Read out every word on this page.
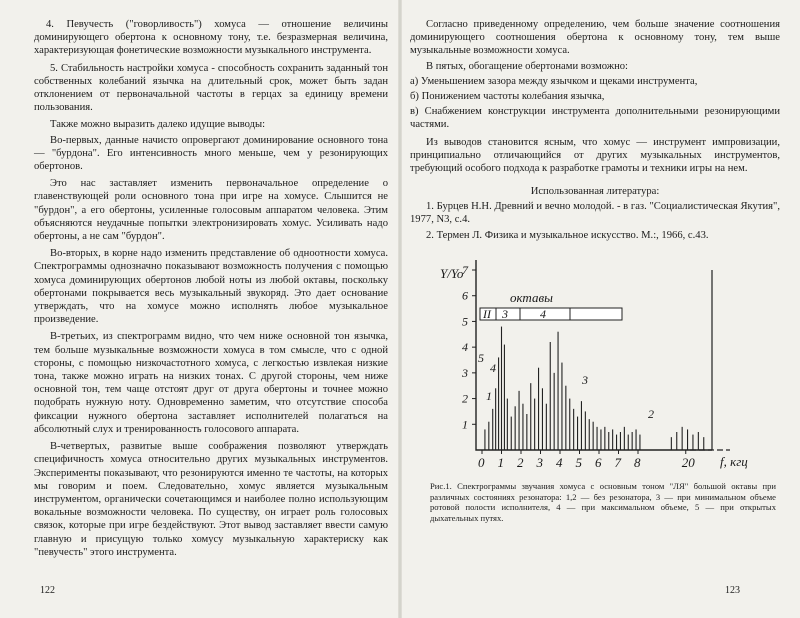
4. Певучесть ("говорливость") хомуса — отношение величины доминирующего обертона к основному тону, т.е. безразмерная величина, характеризующая фонетические возможности музыкального инструмента.

5. Стабильность настройки хомуса - способность сохранить заданный тон собственных колебаний язычка на длительный срок, может быть задан отклонением от первоначальной частоты в герцах за единицу времени пользования.

Также можно выразить далеко идущие выводы:

Во-первых, данные начисто опровергают доминирование основного тона — "бурдона". Его интенсивность много меньше, чем у резонирующих обертонов.

Это нас заставляет изменить первоначальное определение о главенствующей роли основного тона при игре на хомусе. Слышится не "бурдон", а его обертоны, усиленные голосовым аппаратом человека. Этим объясняются неудачные попытки электронизировать хомус. Усиливать надо обертоны, а не сам "бурдон".

Во-вторых, в корне надо изменить представление об одноотности хомуса. Спектрограммы однозначно показывают возможность получения с помощью хомуса доминирующих обертонов любой ноты из любой октавы, поскольку обертонами покрывается весь музыкальный звукоряд. Это дает основание утверждать, что на хомусе можно исполнять любое музыкальное произведение.

В-третьих, из спектрограмм видно, что чем ниже основной тон язычка, тем больше музыкальные возможности хомуса в том смысле, что с одной стороны, с помощью низкочастотного хомуса, с легкостью извлекая низкие тона, также можно играть на низких тонах. С другой стороны, чем ниже основной тон, тем чаще отстоят друг от друга обертоны и точнее можно подобрать нужную ноту. Одновременно заметим, что отсутствие способа фиксации нужного обертона заставляет исполнителей полагаться на абсолютный слух и тренированность голосового аппарата.

В-четвертых, развитые выше соображения позволяют утверждать специфичность хомуса относительно других музыкальных инструментов. Эксперименты показывают, что резонируются именно те частоты, на которых мы говорим и поем. Следовательно, хомус является музыкальным инструментом, органически сочетающимся и наиболее полно использующим вокальные возможности человека. По существу, он играет роль голосовых связок, которые при игре бездействуют. Этот вывод заставляет ввести самую главную и присущую только хомусу музыкальную характериску как "певучесть" этого инструмента.

122

Согласно приведенному определению, чем больше значение соотношения доминирующего соотношения обертона к основному тону, тем выше музыкальные возможности хомуса.

В пятых, обогащение обертонами возможно:

а) Уменьшением зазора между язычком и щеками инструмента,

б) Понижением частоты колебания язычка,

в) Снабжением конструкции инструмента дополнительными резонирующими частями.

Из выводов становится ясным, что хомус — инструмент импровизации, принципиально отличающийся от других музыкальных инструментов, требующий особого подхода к разработке грамоты и техники игры на нем.

Использованная литература:

1. Бурцев Н.Н. Древний и вечно молодой. - в газ. "Социалистическая Якутия", 1977, N3, с.4.

2. Термен Л. Физика и музыкальное искусство. М.:, 1966, с.43.

Y/Yo
октавы
II 3	4
1
2
3
4
5
6
7
0 1 2 3 4 5 6 7 8	20
1
5
4
3
2
f, кгц

Рис.1. Спектрограммы звучания хомуса с основным тоном "ЛЯ" большой октавы при различных состояниях резонатора: 1,2 — без резонатора, 3 — при минимальном объеме ротовой полости исполнителя, 4 — при максимальном объеме, 5 — при открытых дыхательных путях.

123
